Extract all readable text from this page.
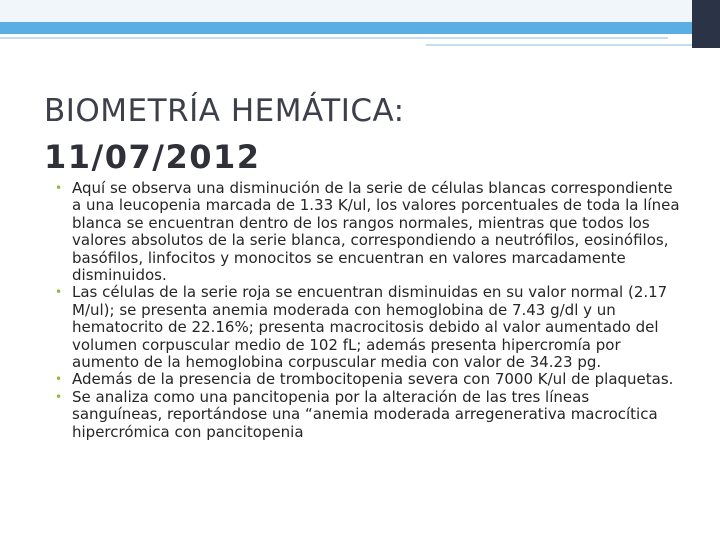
BIOMETRÍA HEMÁTICA:
11/07/2012
• Aquí se observa una disminución de la serie de células blancas correspondiente a una leucopenia marcada de 1.33 K/ul, los valores porcentuales de toda la línea blanca se encuentran dentro de los rangos normales, mientras que todos los valores absolutos de la serie blanca, correspondiendo a neutrófilos, eosinófilos, basófilos, linfocitos y monocitos se encuentran en valores marcadamente disminuidos.
• Las células de la serie roja se encuentran disminuidas en su valor normal (2.17 M/ul); se presenta anemia moderada con hemoglobina de 7.43 g/dl y un hematocrito de 22.16%; presenta macrocitosis debido al valor aumentado del volumen corpuscular medio de 102 fL; además presenta hipercromía por aumento de la hemoglobina corpuscular media con valor de 34.23 pg.
• Además de la presencia de trombocitopenia severa con 7000 K/ul de plaquetas.
• Se analiza como una pancitopenia por la alteración de las tres líneas sanguíneas, reportándose una “anemia moderada arregenerativa macrocítica hipercrómica con pancitopenia
